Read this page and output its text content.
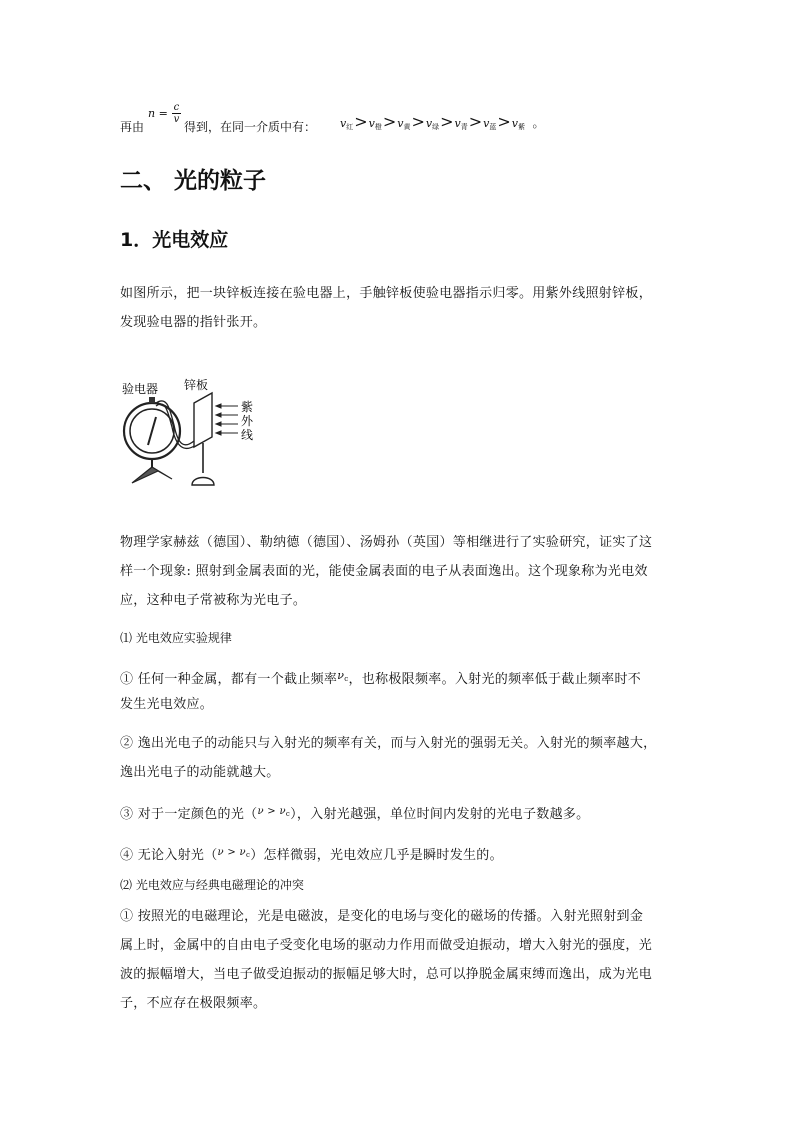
再由
$n = \frac{c}{v}$
得到，在同一介质中有： $v_红>v_橙>v_黄>v_绿>v_青>v_蓝>v_紫$ 。
二、 光的粒子
1．光电效应
如图所示，把一块锌板连接在验电器上，手触锌板使验电器指示归零。用紫外线照射锌板，
发现验电器的指针张开。
验电器 锌板
紫
外
线
物理学家赫兹（德国）、勒纳德（德国）、汤姆孙（英国）等相继进行了实验研究，证实了这
样一个现象: 照射到金属表面的光，能使金属表面的电子从表面逸出。这个现象称为光电效
应，这种电子常被称为光电子。
⑴ 光电效应实验规律
① 任何一种金属，都有一个截止频率$^{\nu c}$，也称极限频率。入射光的频率低于截止频率时不
发生光电效应。
② 逸出光电子的动能只与入射光的频率有关，而与入射光的强弱无关。入射光的频率越大，
逸出光电子的动能就越大。
③ 对于一定颜色的光（$^{\nu > \nu c}$），入射光越强，单位时间内发射的光电子数越多。
④ 无论入射光（$^{\nu > \nu c}$）怎样微弱，光电效应几乎是瞬时发生的。
⑵ 光电效应与经典电磁理论的冲突
① 按照光的电磁理论，光是电磁波，是变化的电场与变化的磁场的传播。入射光照射到金
属上时，金属中的自由电子受变化电场的驱动力作用而做受迫振动，增大入射光的强度，光
波的振幅增大，当电子做受迫振动的振幅足够大时，总可以挣脱金属束缚而逸出，成为光电
子，不应存在极限频率。
